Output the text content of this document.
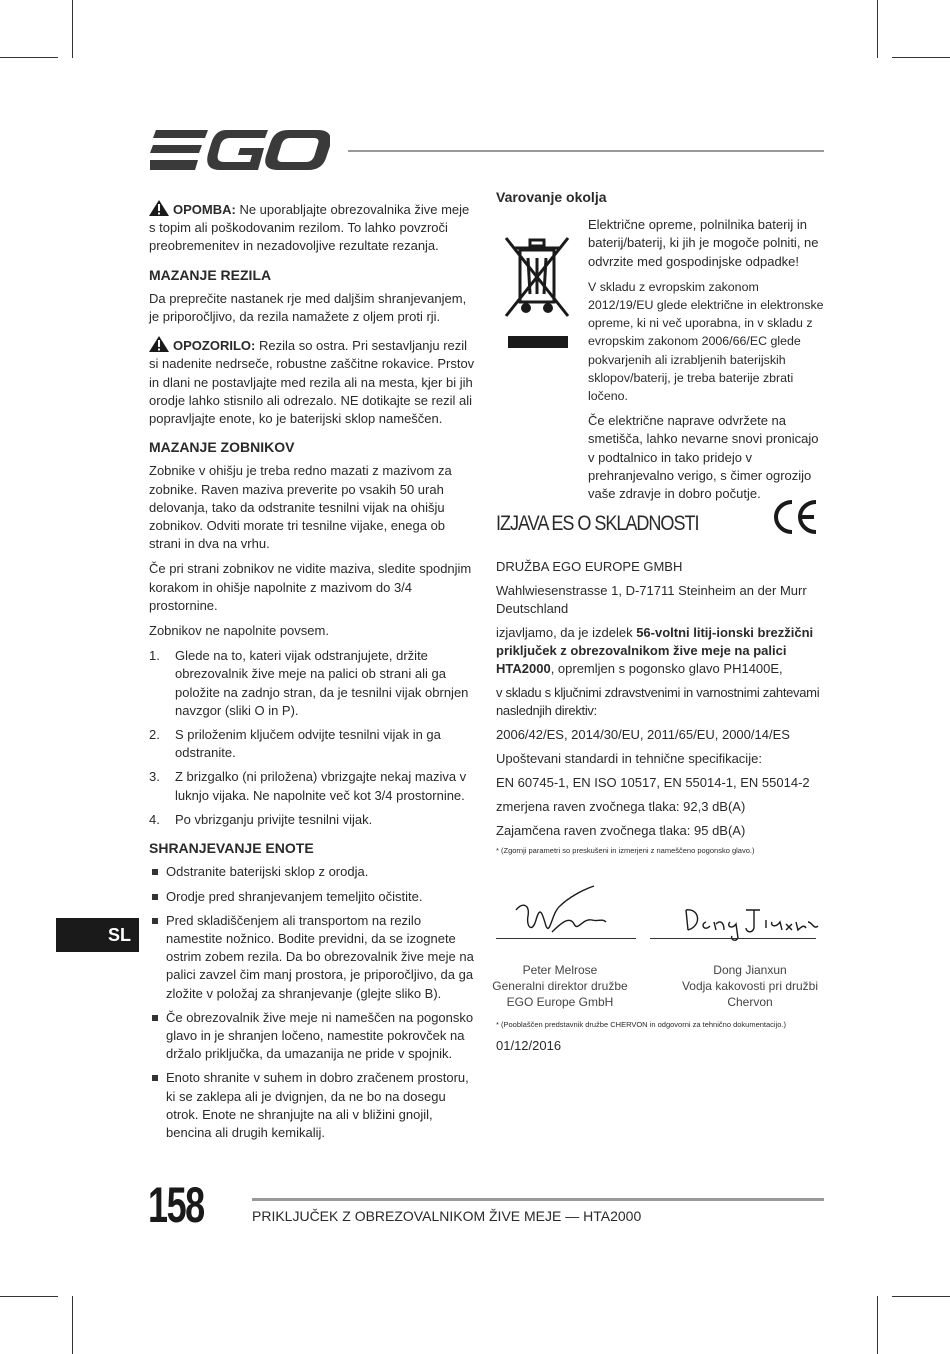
OPOMBA: Ne uporabljajte obrezovalnika žive meje s topim ali poškodovanim rezilom. To lahko povzroči preobremenitev in nezadovoljive rezultate rezanja.

MAZANJE REZILA

Da preprečite nastanek rje med daljšim shranjevanjem, je priporočljivo, da rezila namažete z oljem proti rji.

OPOZORILO: Rezila so ostra. Pri sestavljanju rezil si nadenite nedrseče, robustne zaščitne rokavice. Prstov in dlani ne postavljajte med rezila ali na mesta, kjer bi jih orodje lahko stisnilo ali odrezalo. NE dotikajte se rezil ali popravljajte enote, ko je baterijski sklop nameščen.

MAZANJE ZOBNIKOV

Zobnike v ohišju je treba redno mazati z mazivom za zobnike. Raven maziva preverite po vsakih 50 urah delovanja, tako da odstranite tesnilni vijak na ohišju zobnikov. Odviti morate tri tesnilne vijake, enega ob strani in dva na vrhu.

Če pri strani zobnikov ne vidite maziva, sledite spodnjim korakom in ohišje napolnite z mazivom do 3/4 prostornine.

Zobnikov ne napolnite povsem.

1. Glede na to, kateri vijak odstranjujete, držite obrezovalnik žive meje na palici ob strani ali ga položite na zadnjo stran, da je tesnilni vijak obrnjen navzgor (sliki O in P).
2. S priloženim ključem odvijte tesnilni vijak in ga odstranite.
3. Z brizgalko (ni priložena) vbrizgajte nekaj maziva v luknjo vijaka. Ne napolnite več kot 3/4 prostornine.
4. Po vbrizganju privijte tesnilni vijak.
SHRANJEVANJE ENOTE
Odstranite baterijski sklop z orodja.
Orodje pred shranjevanjem temeljito očistite.
Pred skladiščenjem ali transportom na rezilo namestite nožnico. Bodite previdni, da se izognete ostrim zobem rezila. Da bo obrezovalnik žive meje na palici zavzel čim manj prostora, je priporočljivo, da ga zložite v položaj za shranjevanje (glejte sliko B).
Če obrezovalnik žive meje ni nameščen na pogonsko glavo in je shranjen ločeno, namestite pokrovček na držalo priključka, da umazanija ne pride v spojnik.
Enoto shranite v suhem in dobro zračenem prostoru, ki se zaklepa ali je dvignjen, da ne bo na dosegu otrok. Enote ne shranjujte na ali v bližini gnojil, bencina ali drugih kemikalij.
SL
Varovanje okolja

Električne opreme, polnilnika baterij in baterij/baterij, ki jih je mogoče polniti, ne odvrzite med gospodinjske odpadke!

V skladu z evropskim zakonom 2012/19/EU glede električne in elektronske opreme, ki ni več uporabna, in v skladu z evropskim zakonom 2006/66/EC glede pokvarjenih ali izrabljenih baterijskih sklopov/baterij, je treba baterije zbrati ločeno.

Če električne naprave odvržete na smetišča, lahko nevarne snovi pronicajo v podtalnico in tako pridejo v prehranjevalno verigo, s čimer ogrozijo vaše zdravje in dobro počutje.

IZJAVA ES O SKLADNOSTI

DRUŽBA EGO EUROPE GMBH

Wahlwiesenstrasse 1, D-71711 Steinheim an der Murr Deutschland

izjavljamo, da je izdelek 56-voltni litij-ionski brezžični priključek z obrezovalnikom žive meje na palici HTA2000, opremljen s pogonsko glavo PH1400E,

v skladu s ključnimi zdravstvenimi in varnostnimi zahtevami naslednjih direktiv:

2006/42/ES, 2014/30/EU, 2011/65/EU, 2000/14/ES

Upoštevani standardi in tehnične specifikacije:

EN 60745-1, EN ISO 10517, EN 55014-1, EN 55014-2

zmerjena raven zvočnega tlaka: 92,3 dB(A)

Zajamčena raven zvočnega tlaka: 95 dB(A)

* (Zgornji parametri so preskušeni in izmerjeni z nameščeno pogonsko glavo.)

Peter Melrose
Generalni direktor družbe
EGO Europe GmbH
Dong Jianxun
Vodja kakovosti pri družbi
Chervon
* (Pooblaščen predstavnik družbe CHERVON in odgovorni za tehnično dokumentacijo.)
01/12/2016
158	PRIKLJUČEK Z OBREZOVALNIKOM ŽIVE MEJE — HTA2000
